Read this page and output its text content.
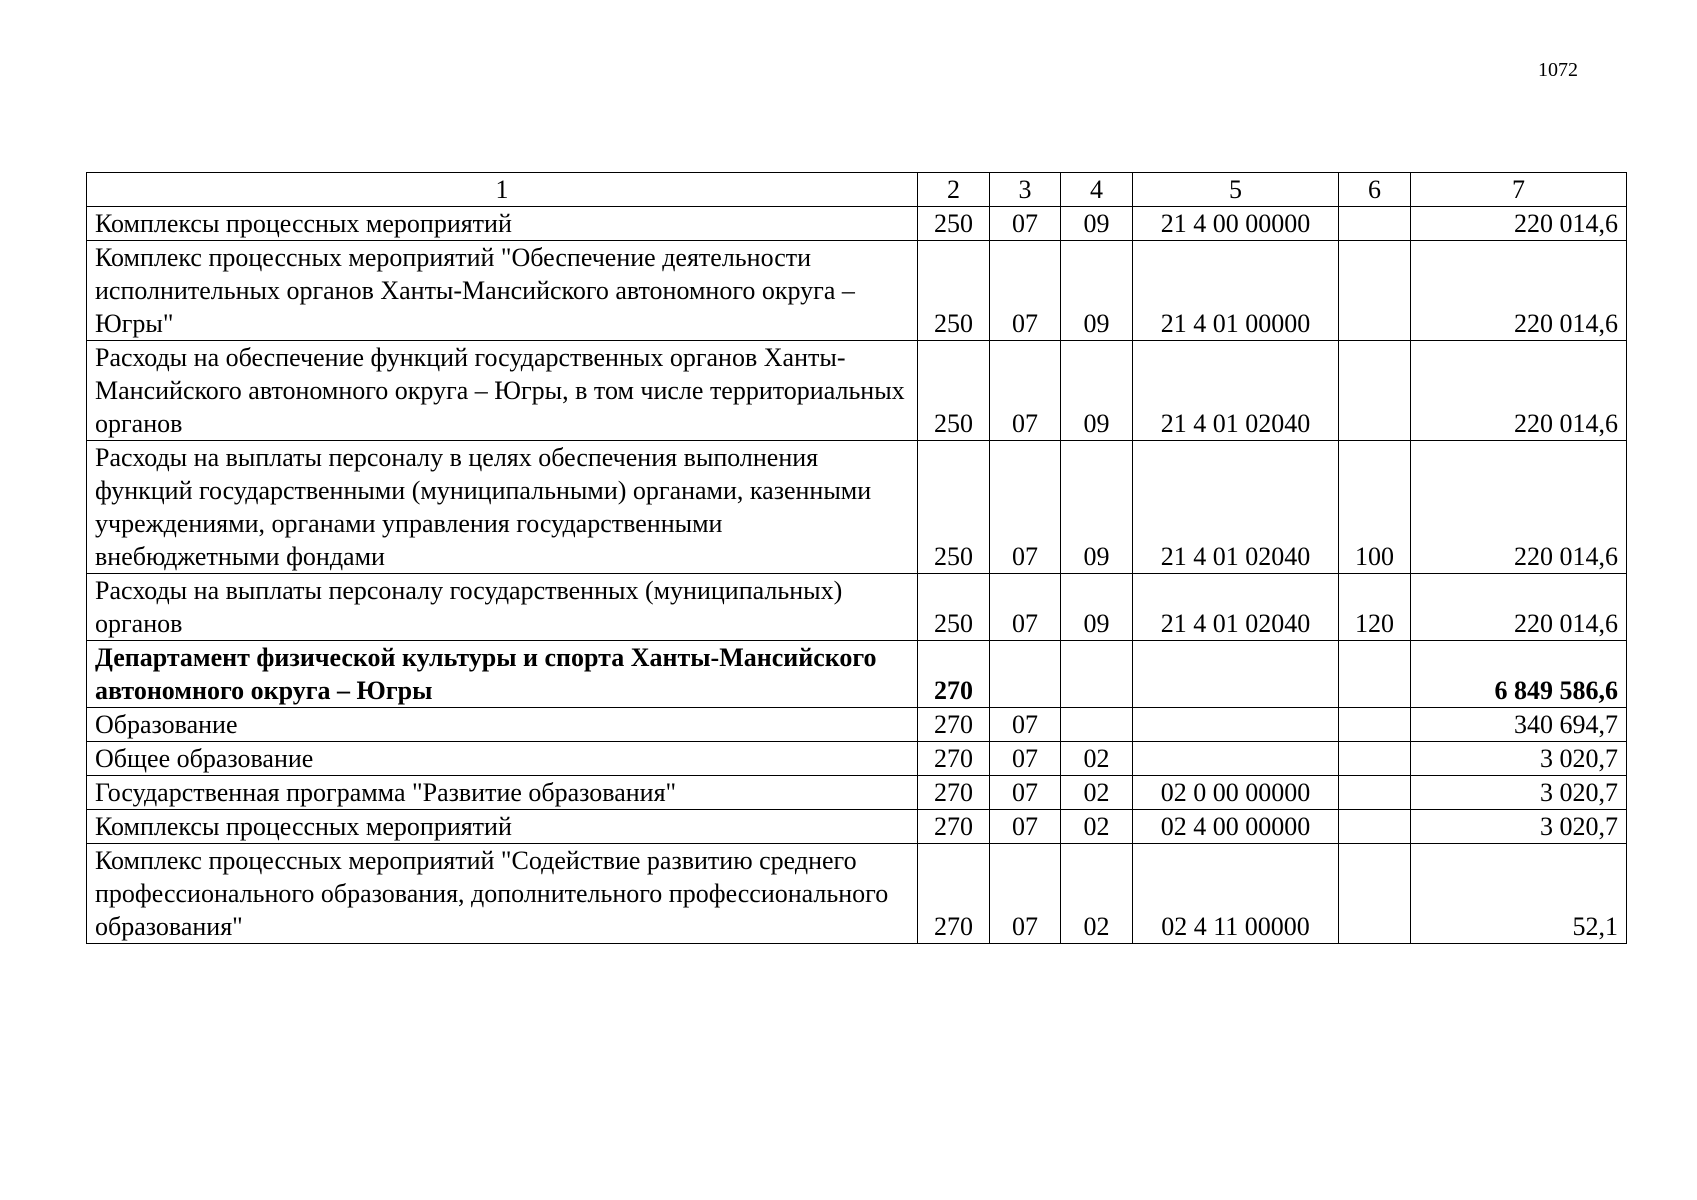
1072
1	2	3	4	5	6	7
Комплексы процессных мероприятий	250	07	09	21 4 00 00000		220 014,6
Комплекс процессных мероприятий "Обеспечение деятельности исполнительных органов Ханты-Мансийского автономного округа – Югры"	250	07	09	21 4 01 00000		220 014,6
Расходы на обеспечение функций государственных органов Ханты-Мансийского автономного округа – Югры, в том числе территориальных органов	250	07	09	21 4 01 02040		220 014,6
Расходы на выплаты персоналу в целях обеспечения выполнения функций государственными (муниципальными) органами, казенными учреждениями, органами управления государственными внебюджетными фондами	250	07	09	21 4 01 02040	100	220 014,6
Расходы на выплаты персоналу государственных (муниципальных) органов	250	07	09	21 4 01 02040	120	220 014,6
Департамент физической культуры и спорта Ханты-Мансийского автономного округа – Югры	270					6 849 586,6
Образование	270	07				340 694,7
Общее образование	270	07	02			3 020,7
Государственная программа "Развитие образования"	270	07	02	02 0 00 00000		3 020,7
Комплексы процессных мероприятий	270	07	02	02 4 00 00000		3 020,7
Комплекс процессных мероприятий "Содействие развитию среднего профессионального образования, дополнительного профессионального образования"	270	07	02	02 4 11 00000		52,1
